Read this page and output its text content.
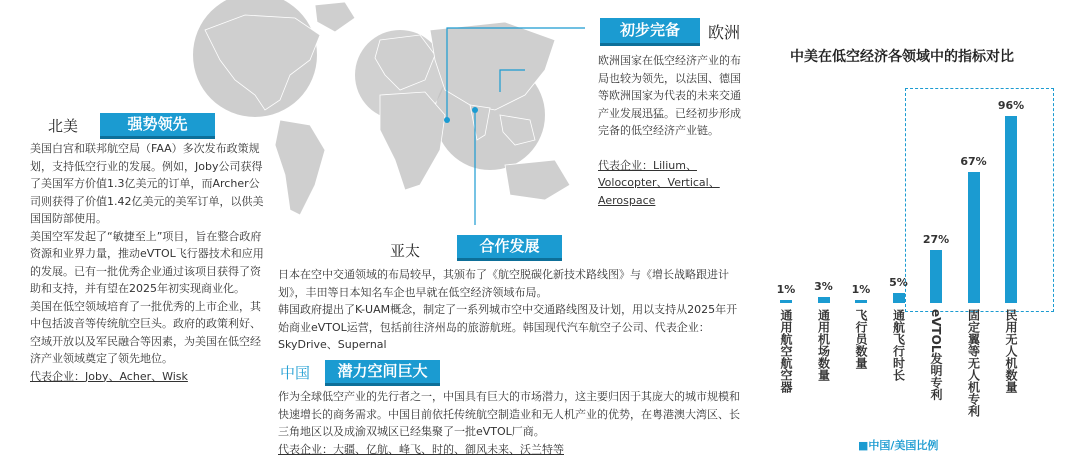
北美	强势领先

美国白宫和联邦航空局（FAA）多次发布政策规划，支持低空行业的发展。例如，Joby公司获得了美国军方价值1.3亿美元的订单，而Archer公司则获得了价值1.42亿美元的美军订单，以供美国国防部使用。

美国空军发起了“敏捷至上”项目，旨在整合政府资源和业界力量，推动eVTOL飞行器技术和应用的发展。已有一批优秀企业通过该项目获得了资助和支持，并有望在2025年初实现商业化。

美国在低空领域培育了一批优秀的上市企业，其中包括波音等传统航空巨头。政府的政策利好、空域开放以及军民融合等因素，为美国在低空经济产业领域奠定了领先地位。

代表企业：Joby、Acher、Wisk

初步完备	欧洲

欧洲国家在低空经济产业的布局也较为领先，以法国、德国等欧洲国家为代表的未来交通产业发展迅猛。已经初步形成完备的低空经济产业链。

代表企业：Lilium、Volocopter、Vertical、Aerospace

亚太	合作发展

日本在空中交通领域的布局较早，其颁布了《航空脱碳化新技术路线图》与《增长战略跟进计划》，丰田等日本知名车企也早就在低空经济领域布局。

韩国政府提出了K-UAM概念，制定了一系列城市空中交通路线图及计划，用以支持从2025年开始商业eVTOL运营，包括前往济州岛的旅游航班。韩国现代汽车航空子公司、代表企业：SkyDrive、Supernal

中国	潜力空间巨大

作为全球低空产业的先行者之一，中国具有巨大的市场潜力，这主要归因于其庞大的城市规模和快速增长的商务需求。中国目前依托传统航空制造业和无人机产业的优势，在粤港澳大湾区、长三角地区以及成渝双城区已经集聚了一批eVTOL厂商。

代表企业：大疆、亿航、峰飞、时的、御风未来、沃兰特等

中美在低空经济各领域中的指标对比
1%
通用航空航空器
3%
通用机场数量
1%
飞行员数量
5%
通航飞行时长
27%
eVTOL发明专利
67%
固定翼等无人机专利
96%
民用无人机数量
■中国/美国比例
